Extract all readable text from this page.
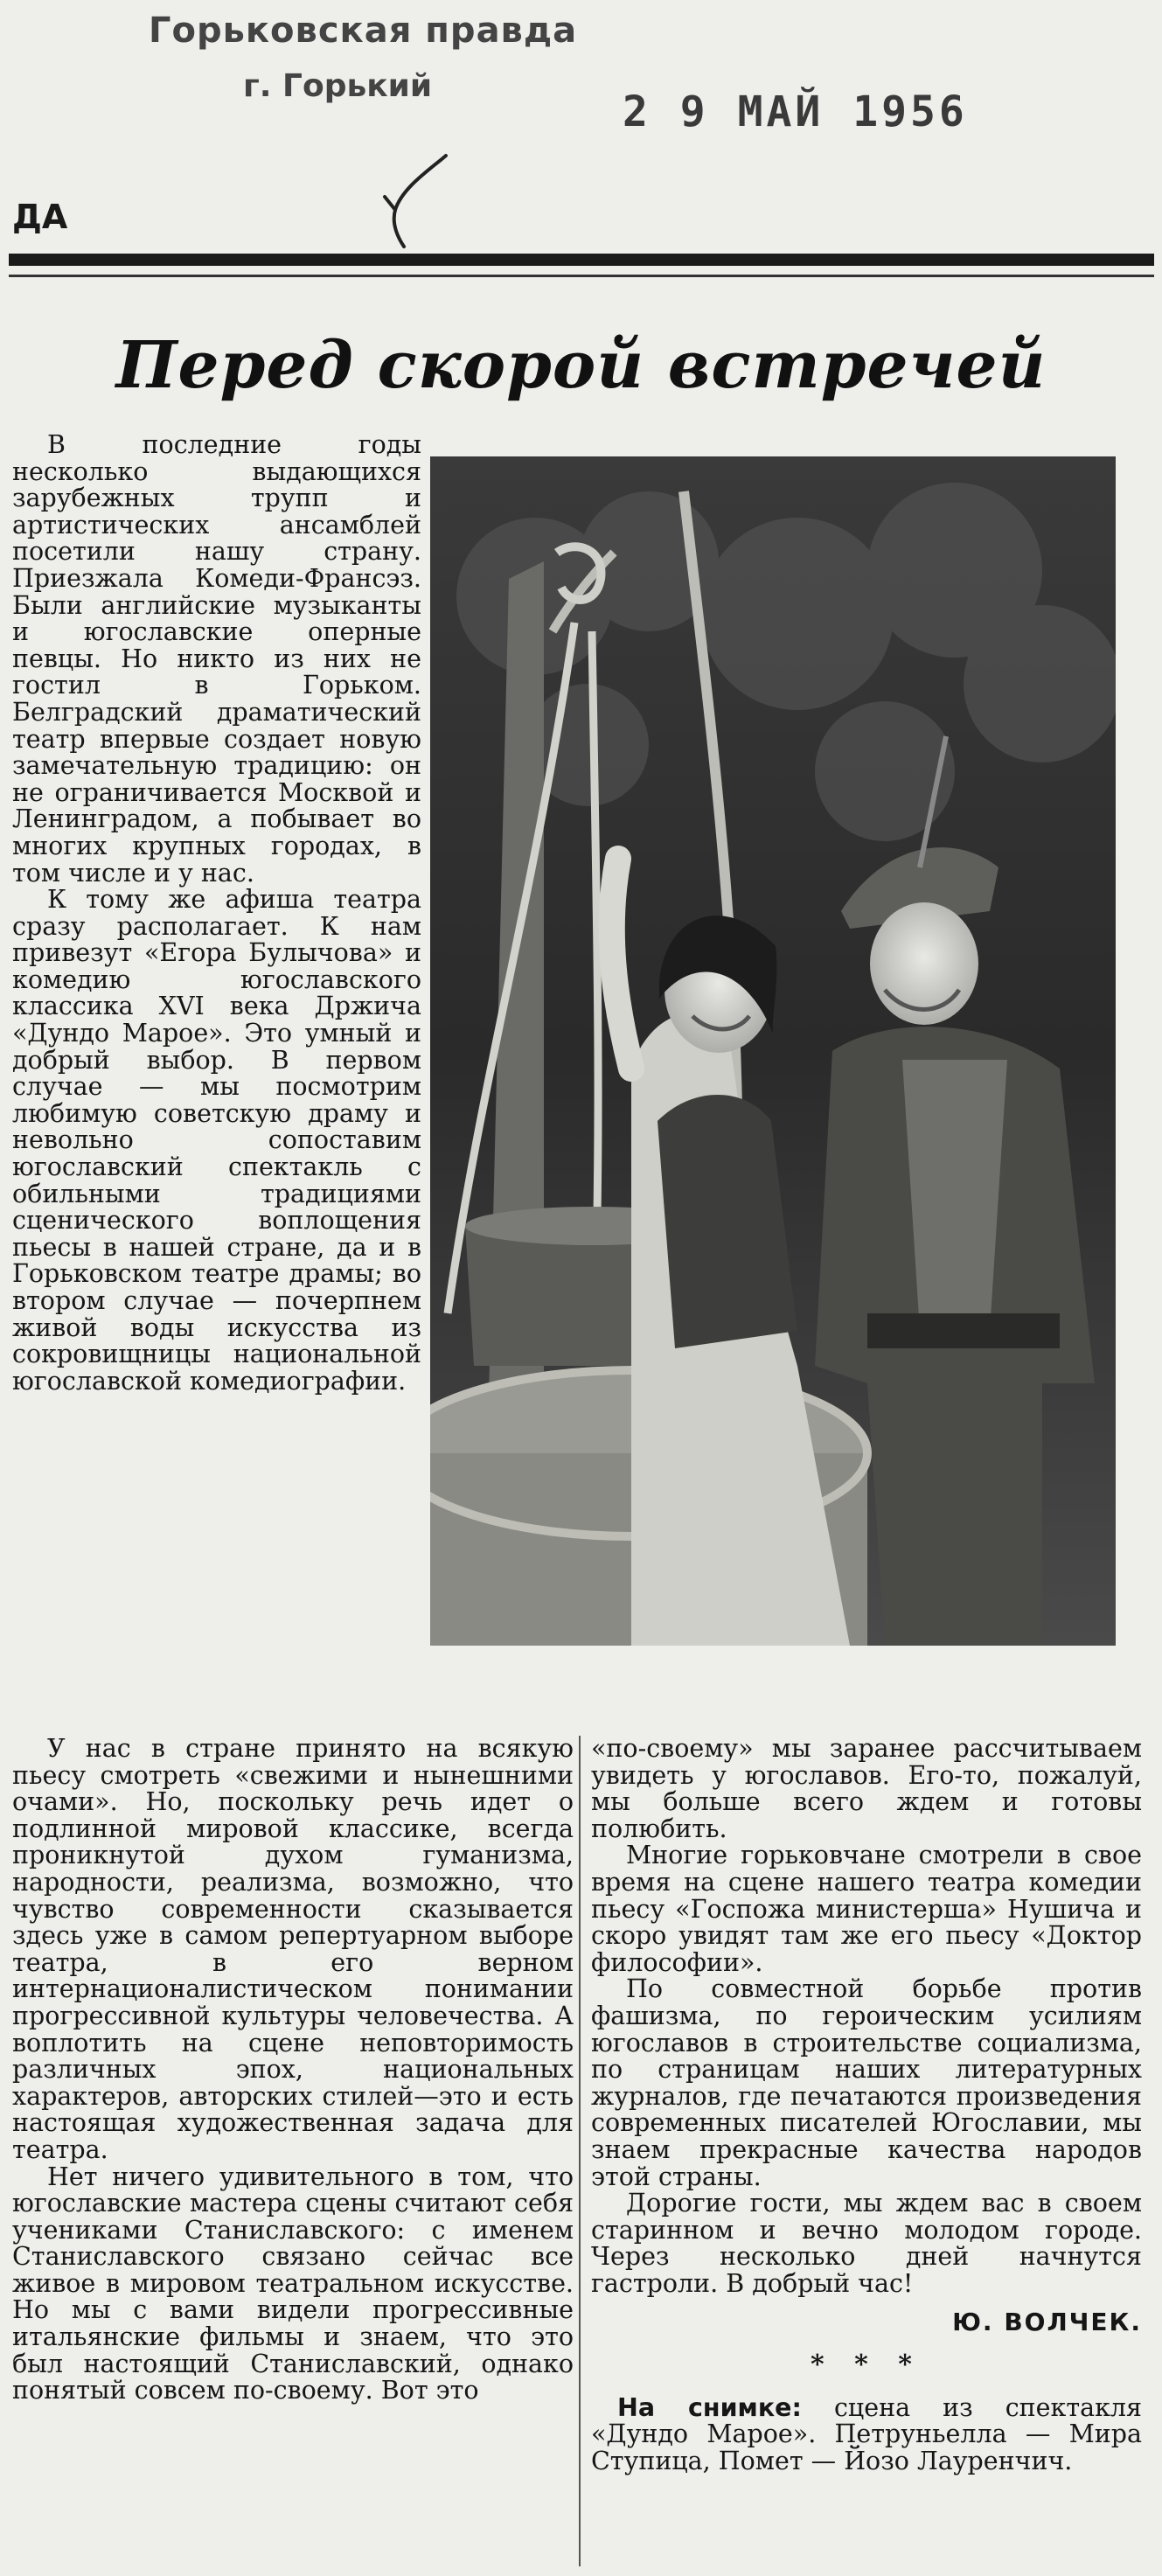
Горьковская правда
г. Горький
2 9 МАЙ 1956
ДА
Перед скорой встречей

В последние годы несколько выдающихся зарубежных трупп и артистических ансамблей посетили нашу страну. Приезжала Комеди-Франсэз. Были английские музыканты и югославские оперные певцы. Но никто из них не гостил в Горьком. Белградский драматический театр впервые создает новую замечательную традицию: он не ограничивается Москвой и Ленинградом, а побывает во многих крупных городах, в том числе и у нас.

К тому же афиша театра сразу располагает. К нам привезут «Егора Булычова» и комедию югославского классика XVI века Држича «Дундо Марое». Это умный и добрый выбор. В первом случае — мы посмотрим любимую советскую драму и невольно сопоставим югославский спектакль с обильными традициями сценического воплощения пьесы в нашей стране, да и в Горьковском театре драмы; во втором случае — почерпнем живой воды искусства из сокровищницы национальной югославской комедиографии.

У нас в стране принято на всякую пьесу смотреть «свежими и нынешними очами». Но, поскольку речь идет о подлинной мировой классике, всегда проникнутой духом гуманизма, народности, реализма, возможно, что чувство современности сказывается здесь уже в самом репертуарном выборе театра, в его верном интернационалистическом понимании прогрессивной культуры человечества. А воплотить на сцене неповторимость различных эпох, национальных характеров, авторских стилей—это и есть настоящая художественная задача для театра.

Нет ничего удивительного в том, что югославские мастера сцены считают себя учениками Станиславского: с именем Станиславского связано сейчас все живое в мировом театральном искусстве. Но мы с вами видели прогрессивные итальянские фильмы и знаем, что это был настоящий Станиславский, однако понятый совсем по-своему. Вот это

«по-своему» мы заранее рассчитываем увидеть у югославов. Его-то, пожалуй, мы больше всего ждем и готовы полюбить.

Многие горьковчане смотрели в свое время на сцене нашего театра комедии пьесу «Госпожа министерша» Нушича и скоро увидят там же его пьесу «Доктор философии».

По совместной борьбе против фашизма, по героическим усилиям югославов в строительстве социализма, по страницам наших литературных журналов, где печатаются произведения современных писателей Югославии, мы знаем прекрасные качества народов этой страны.

Дорогие гости, мы ждем вас в своем старинном и вечно молодом городе. Через несколько дней начнутся гастроли. В добрый час!

Ю. ВОЛЧЕК.

* * *

На снимке: сцена из спектакля «Дундо Марое». Петруньелла — Мира Ступица, Помет — Йозо Лауренчич.
